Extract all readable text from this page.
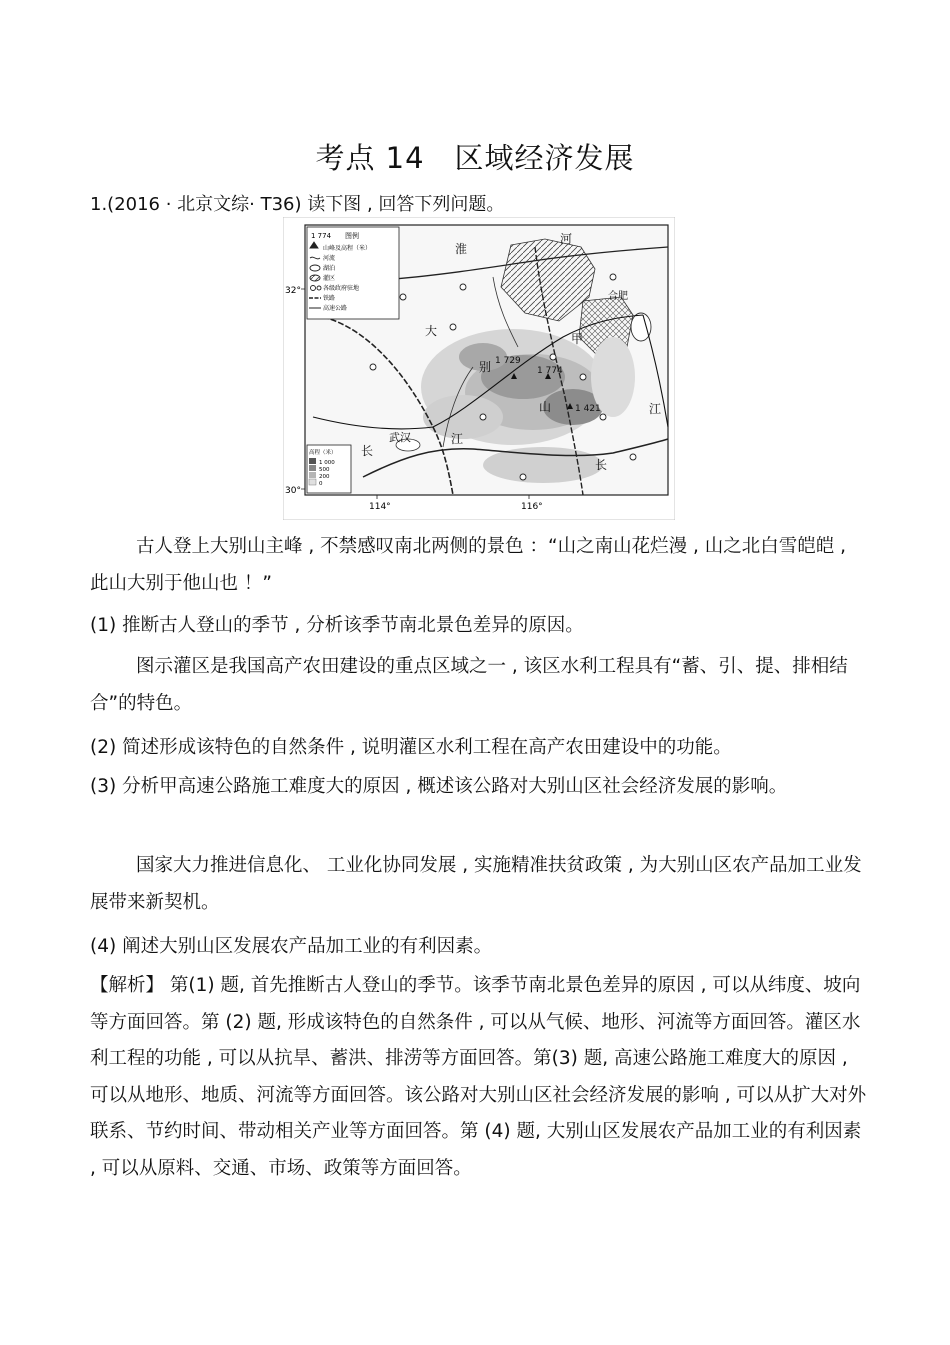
考点 14　区域经济发展
1.(2016 · 北京文综· T36) 读下图 , 回答下列问题。
1 774 图例
山峰及高程（米）
河流
湖泊
灌区
各级政府驻地
铁路
高速公路
高程（米）
1 000
500
200
0
32°
30°
114°	116°
淮
河
合肥
甲
大
别
山
武汉
长
江
长
江
1 729
1 774
1 421
古人登上大别山主峰 , 不禁感叹南北两侧的景色 ：“山之南山花烂漫 , 山之北白雪皑皑 , 此山大别于他山也 ！”
(1) 推断古人登山的季节 , 分析该季节南北景色差异的原因。
图示灌区是我国高产农田建设的重点区域之一 , 该区水利工程具有“蓄、引、提、排相结合”的特色。
(2) 简述形成该特色的自然条件 , 说明灌区水利工程在高产农田建设中的功能。
(3) 分析甲高速公路施工难度大的原因 , 概述该公路对大别山区社会经济发展的影响。
国家大力推进信息化、 工业化协同发展 , 实施精准扶贫政策 , 为大别山区农产品加工业发展带来新契机。
(4) 阐述大别山区发展农产品加工业的有利因素。
【解析】 第(1) 题, 首先推断古人登山的季节。该季节南北景色差异的原因 , 可以从纬度、坡向等方面回答。第 (2) 题, 形成该特色的自然条件 , 可以从气候、地形、河流等方面回答。灌区水利工程的功能 , 可以从抗旱、蓄洪、排涝等方面回答。第(3) 题, 高速公路施工难度大的原因 , 可以从地形、地质、河流等方面回答。该公路对大别山区社会经济发展的影响 , 可以从扩大对外联系、节约时间、带动相关产业等方面回答。第 (4) 题, 大别山区发展农产品加工业的有利因素 , 可以从原料、交通、市场、政策等方面回答。
